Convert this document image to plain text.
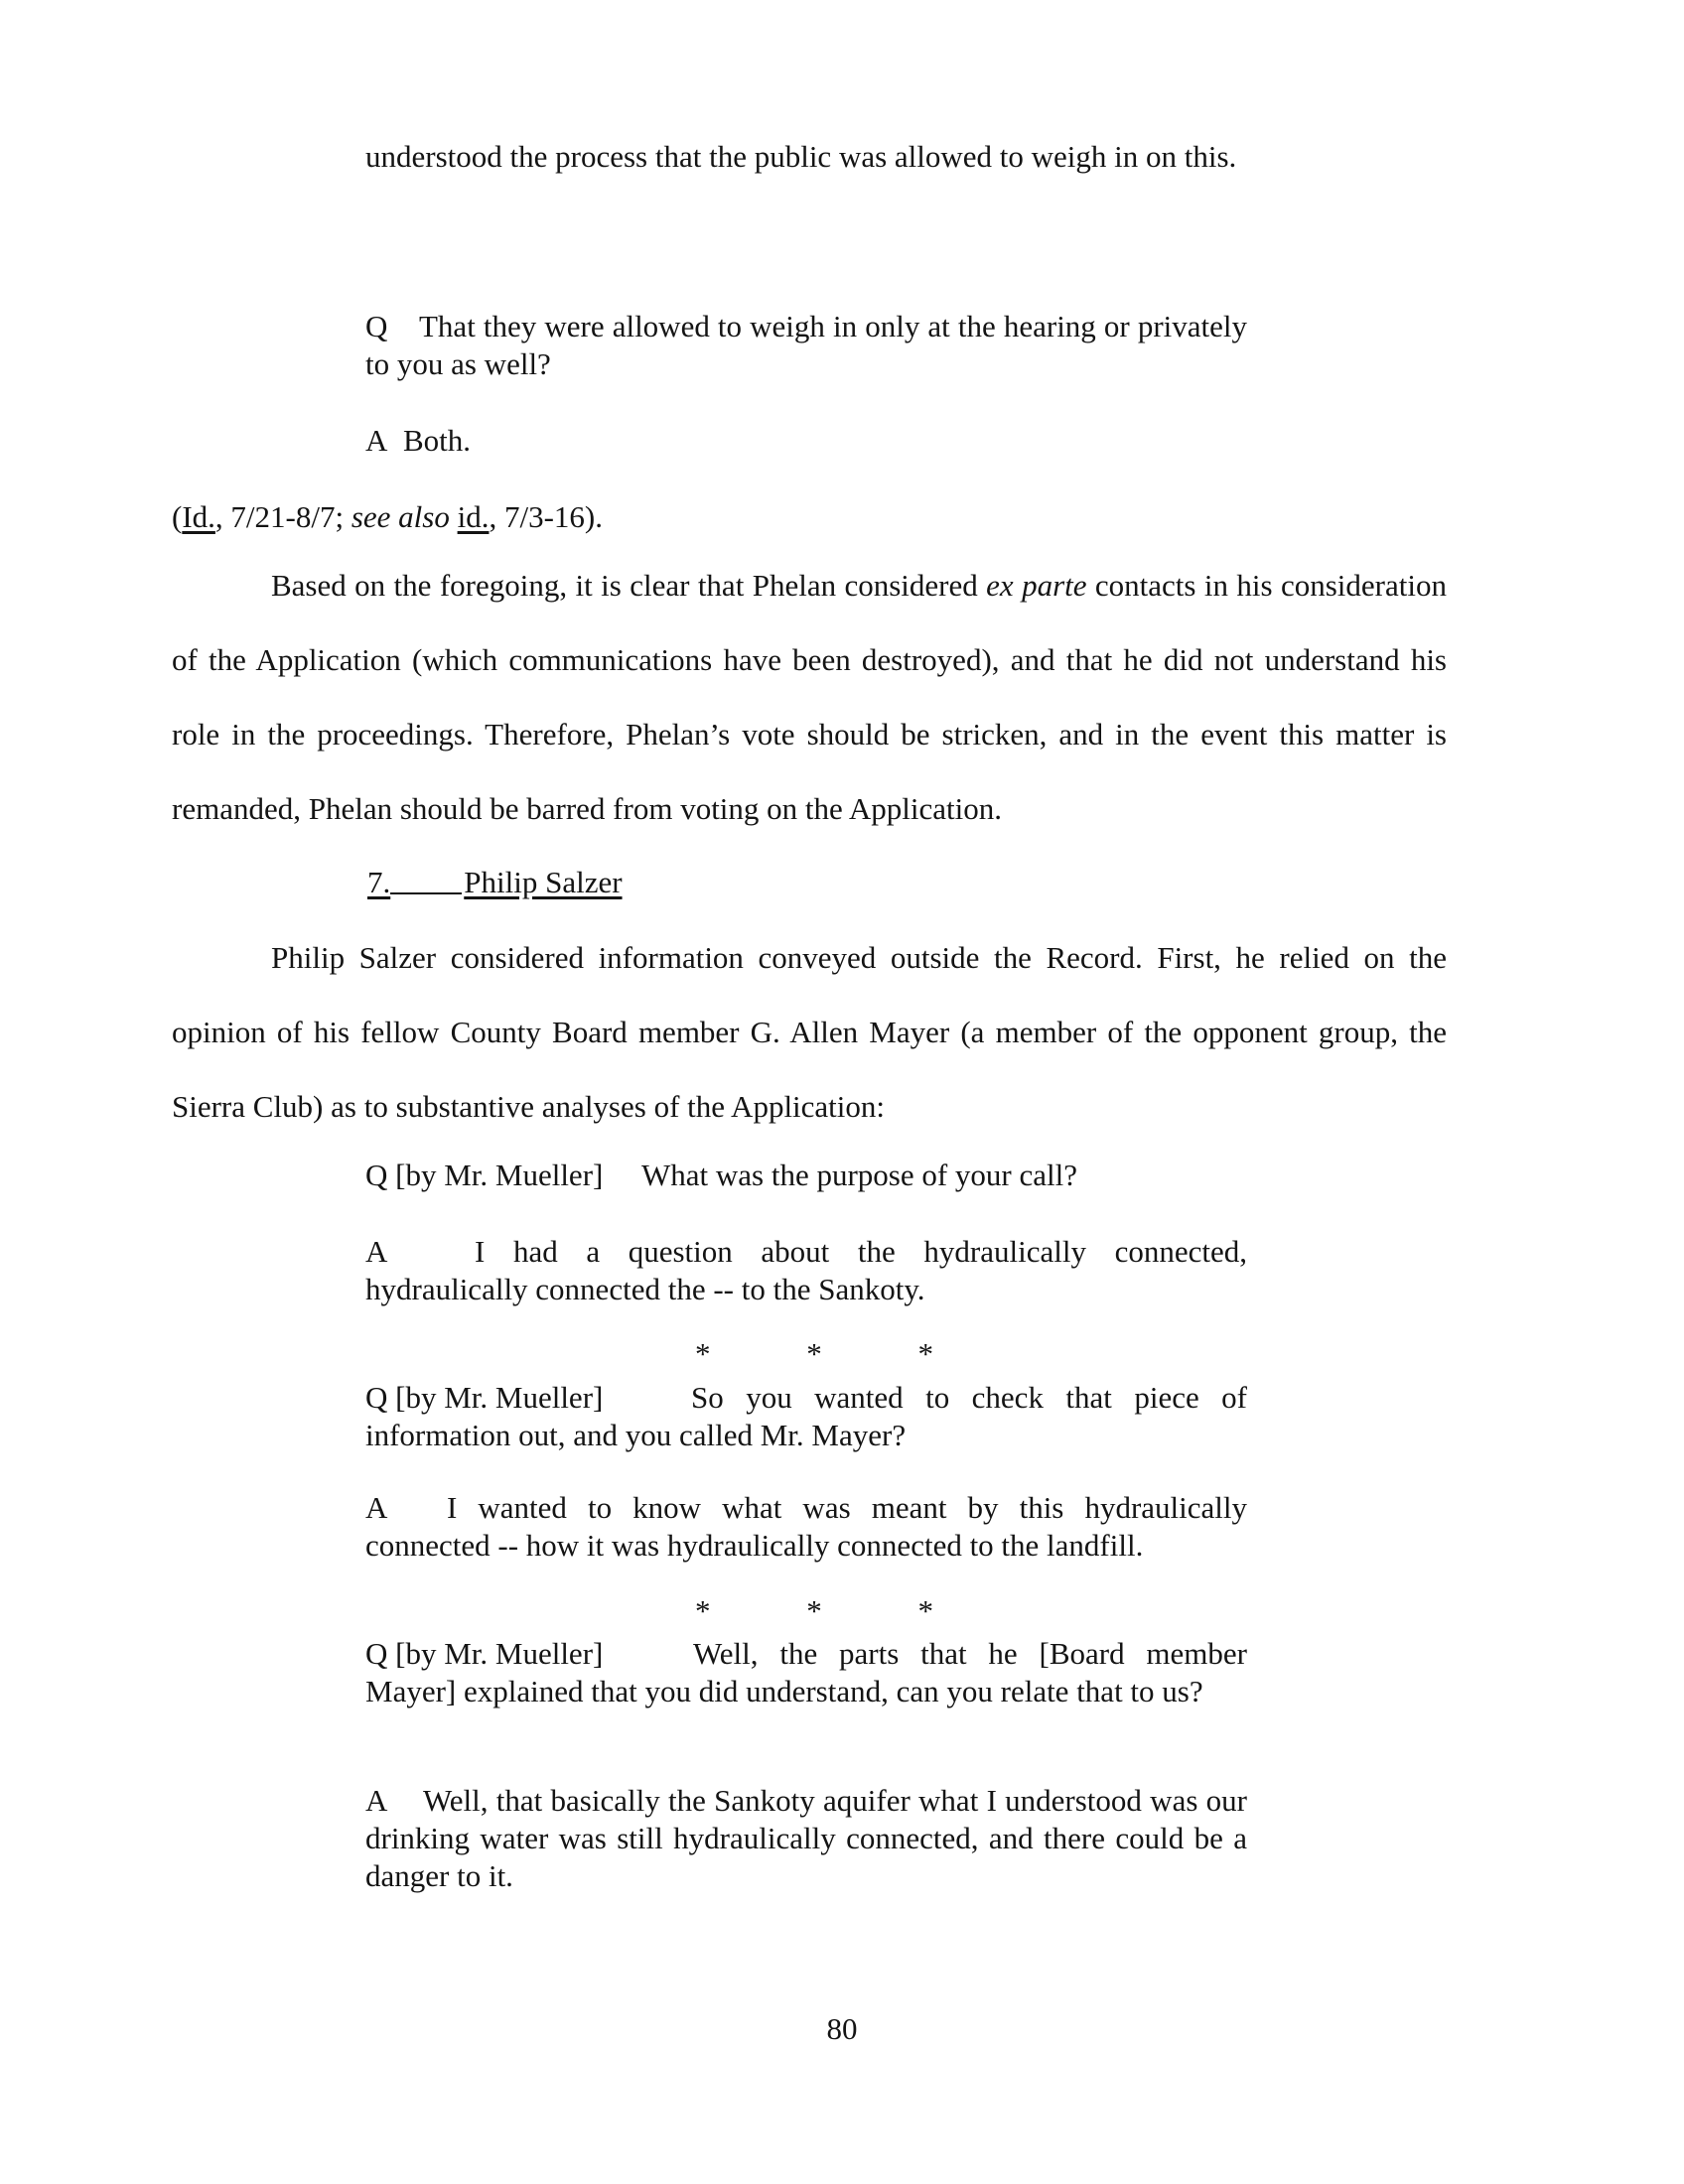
understood the process that the public was allowed to weigh in on this.

Q That they were allowed to weigh in only at the hearing or privately to you as well?

A Both.

(Id., 7/21-8/7; see also id., 7/3-16).

Based on the foregoing, it is clear that Phelan considered ex parte contacts in his consideration of the Application (which communications have been destroyed), and that he did not understand his role in the proceedings. Therefore, Phelan’s vote should be stricken, and in the event this matter is remanded, Phelan should be barred from voting on the Application.

7. Philip Salzer

Philip Salzer considered information conveyed outside the Record. First, he relied on the opinion of his fellow County Board member G. Allen Mayer (a member of the opponent group, the Sierra Club) as to substantive analyses of the Application:

Q [by Mr. Mueller] What was the purpose of your call?

A	I had a question about the hydraulically connected, hydraulically connected the -- to the Sankoty.

*	*	*

Q [by Mr. Mueller]	So you wanted to check that piece of information out, and you called Mr. Mayer?

A I wanted to know what was meant by this hydraulically connected -- how it was hydraulically connected to the landfill.

*	*	*

Q [by Mr. Mueller]	Well, the parts that he [Board member Mayer] explained that you did understand, can you relate that to us?

A Well, that basically the Sankoty aquifer what I understood was our drinking water was still hydraulically connected, and there could be a danger to it.

80
